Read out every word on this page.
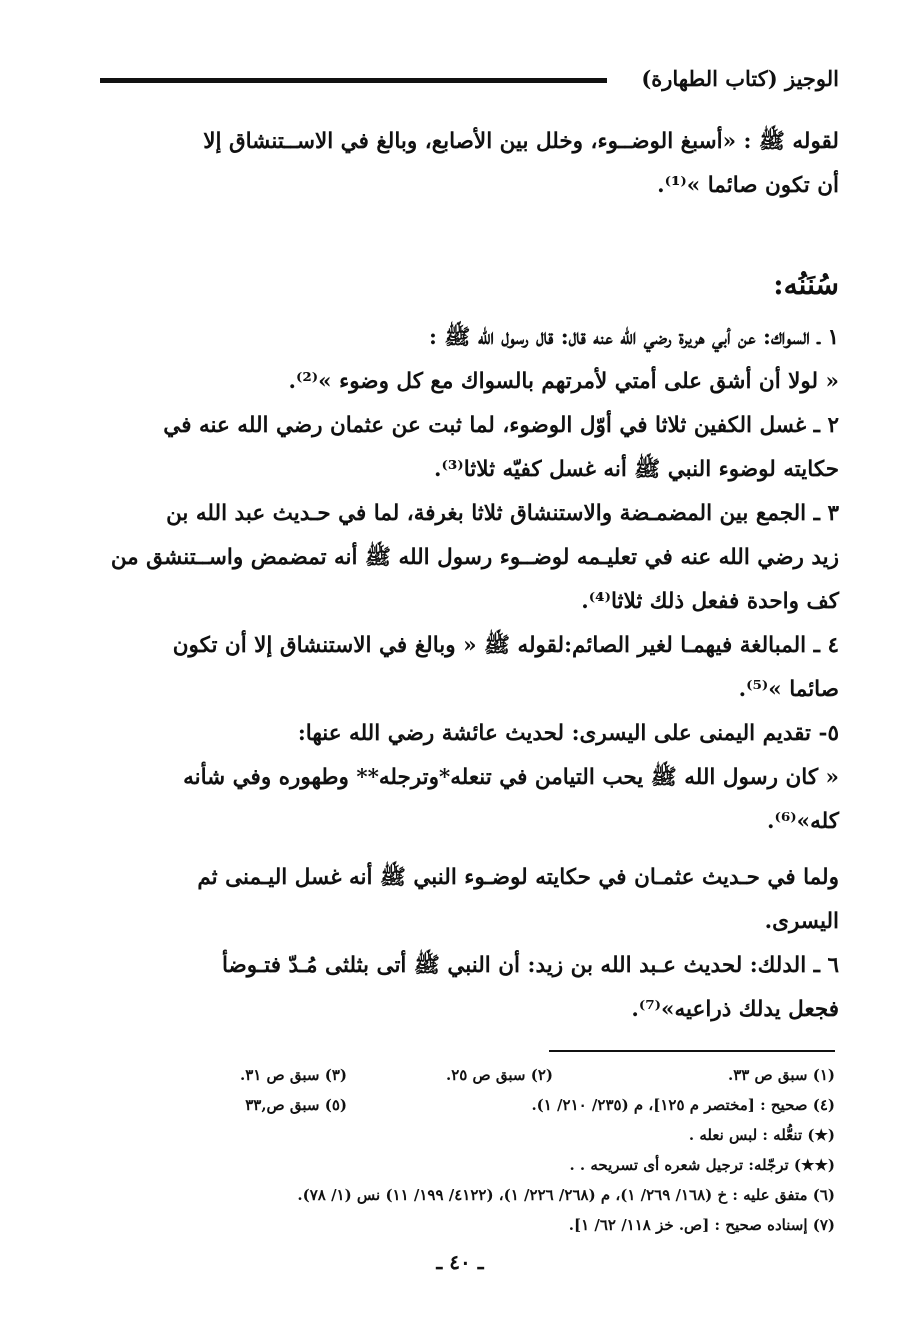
الوجيز (كتاب الطهارة)

لقوله ﷺ : «أسبغ الوضــوء، وخلل بين الأصابع، وبالغ في الاســتنشاق إلا
أن تكون صائما »⁽¹⁾.

سُنَنُه:

١ ـ السواك: عن أبي هريرة رضي الله عنه قال: قال رسول الله ﷺ :
« لولا أن أشق على أمتي لأمرتهم بالسواك مع كل وضوء »⁽²⁾.

٢ ـ غسل الكفين ثلاثا في أوّل الوضوء، لما ثبت عن عثمان رضي الله عنه في
حكايته لوضوء النبي ﷺ أنه غسل كفيّه ثلاثا⁽³⁾.

٣ ـ الجمع بين المضمـضة والاستنشاق ثلاثا بغرفة، لما في حـديث عبد الله بن
زيد رضي الله عنه في تعليـمه لوضــوء رسول الله ﷺ أنه تمضمض واســتنشق من
كف واحدة ففعل ذلك ثلاثا⁽⁴⁾.

٤ ـ المبالغة فيهمـا لغير الصائم:لقوله ﷺ « وبالغ في الاستنشاق إلا أن تكون
صائما »⁽⁵⁾.

٥- تقديم اليمنى على اليسرى: لحديث عائشة رضي الله عنها:
« كان رسول الله ﷺ يحب التيامن في تنعله*وترجله** وطهوره وفي شأنه
كله»⁽⁶⁾.

ولما في حـديث عثمـان في حكايته لوضـوء النبي ﷺ أنه غسل اليـمنى ثم
اليسرى.

٦ ـ الدلك: لحديث عـبد الله بن زيد: أن النبي ﷺ أتى بثلثى مُـدّ فتـوضأ
فجعل يدلك ذراعيه»⁽⁷⁾.

(١) سبق ص ٣٣.
(٢) سبق ص ٢٥.
(٣) سبق ص ٣١.
(٤) صحيح : [مختصر م ١٢٥]، م (٢٣٥/ ٢١٠/ ١).
(٥) سبق ص,٣٣
(★) تنعُّله : لبس نعله .
(★★) ترجّله: ترجيل شعره أى تسريحه . .
(٦) متفق عليه : خ (١٦٨/ ٢٦٩/ ١)، م (٢٦٨/ ٢٢٦/ ١)، (٤١٢٢/ ١٩٩/ ١١) نس (١/ ٧٨).
(٧) إسناده صحيح : [ص. خز ١١٨/ ٦٢/ ١].
ـ ٤٠ ـ
